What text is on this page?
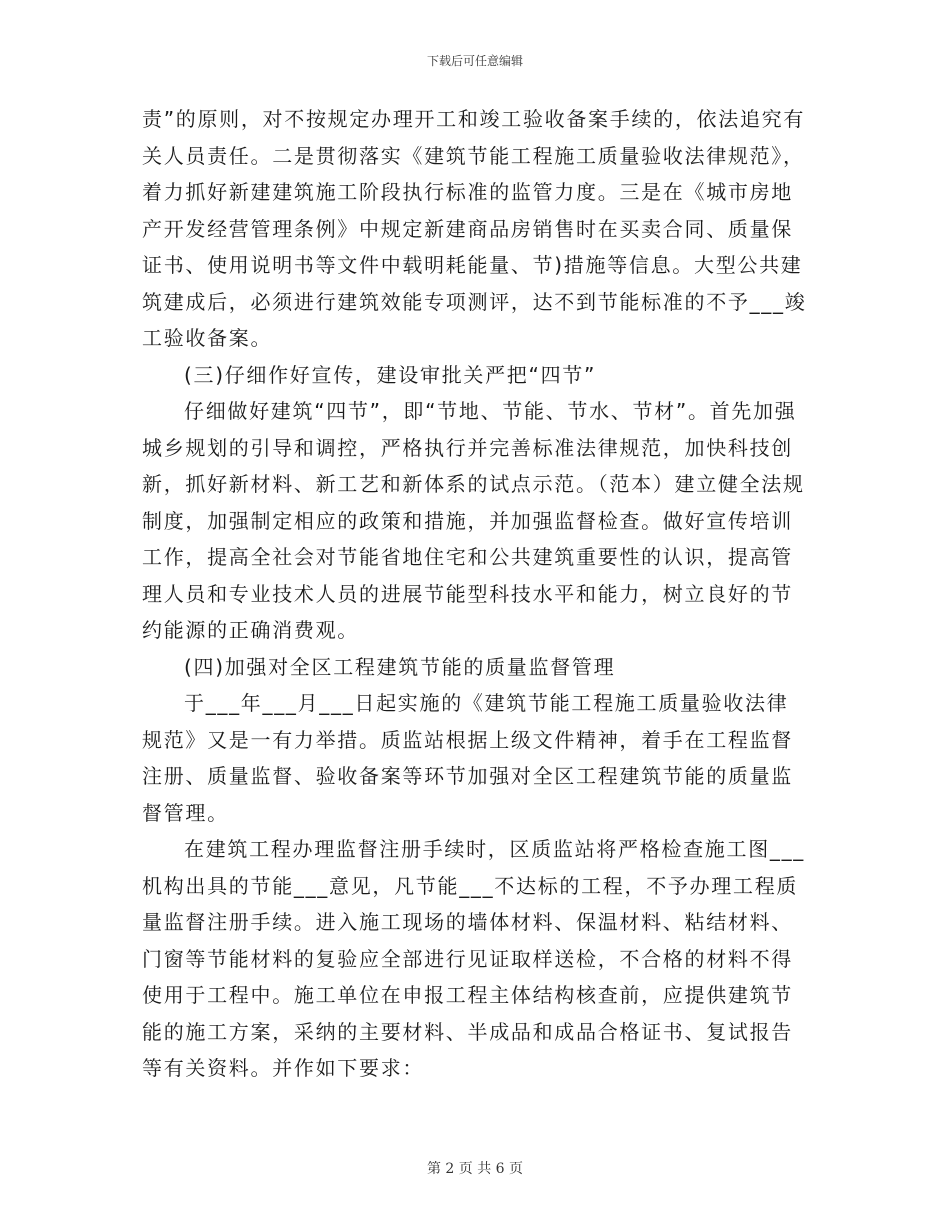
下载后可任意编辑

责”的原则，对不按规定办理开工和竣工验收备案手续的，依法追究有关人员责任。二是贯彻落实《建筑节能工程施工质量验收法律规范》，着力抓好新建建筑施工阶段执行标准的监管力度。三是在《城市房地产开发经营管理条例》中规定新建商品房销售时在买卖合同、质量保证书、使用说明书等文件中载明耗能量、节)措施等信息。大型公共建筑建成后，必须进行建筑效能专项测评，达不到节能标准的不予___竣工验收备案。

(三)仔细作好宣传，建设审批关严把“四节”

仔细做好建筑“四节”，即“节地、节能、节水、节材”。首先加强城乡规划的引导和调控，严格执行并完善标准法律规范，加快科技创新，抓好新材料、新工艺和新体系的试点示范。（范本）建立健全法规制度，加强制定相应的政策和措施，并加强监督检查。做好宣传培训工作，提高全社会对节能省地住宅和公共建筑重要性的认识，提高管理人员和专业技术人员的进展节能型科技水平和能力，树立良好的节约能源的正确消费观。

(四)加强对全区工程建筑节能的质量监督管理

于___年___月___日起实施的《建筑节能工程施工质量验收法律规范》又是一有力举措。质监站根据上级文件精神，着手在工程监督注册、质量监督、验收备案等环节加强对全区工程建筑节能的质量监督管理。

在建筑工程办理监督注册手续时，区质监站将严格检查施工图___机构出具的节能___意见，凡节能___不达标的工程，不予办理工程质量监督注册手续。进入施工现场的墙体材料、保温材料、粘结材料、门窗等节能材料的复验应全部进行见证取样送检，不合格的材料不得使用于工程中。施工单位在申报工程主体结构核查前，应提供建筑节能的施工方案，采纳的主要材料、半成品和成品合格证书、复试报告等有关资料。并作如下要求：

第 2 页 共 6 页
